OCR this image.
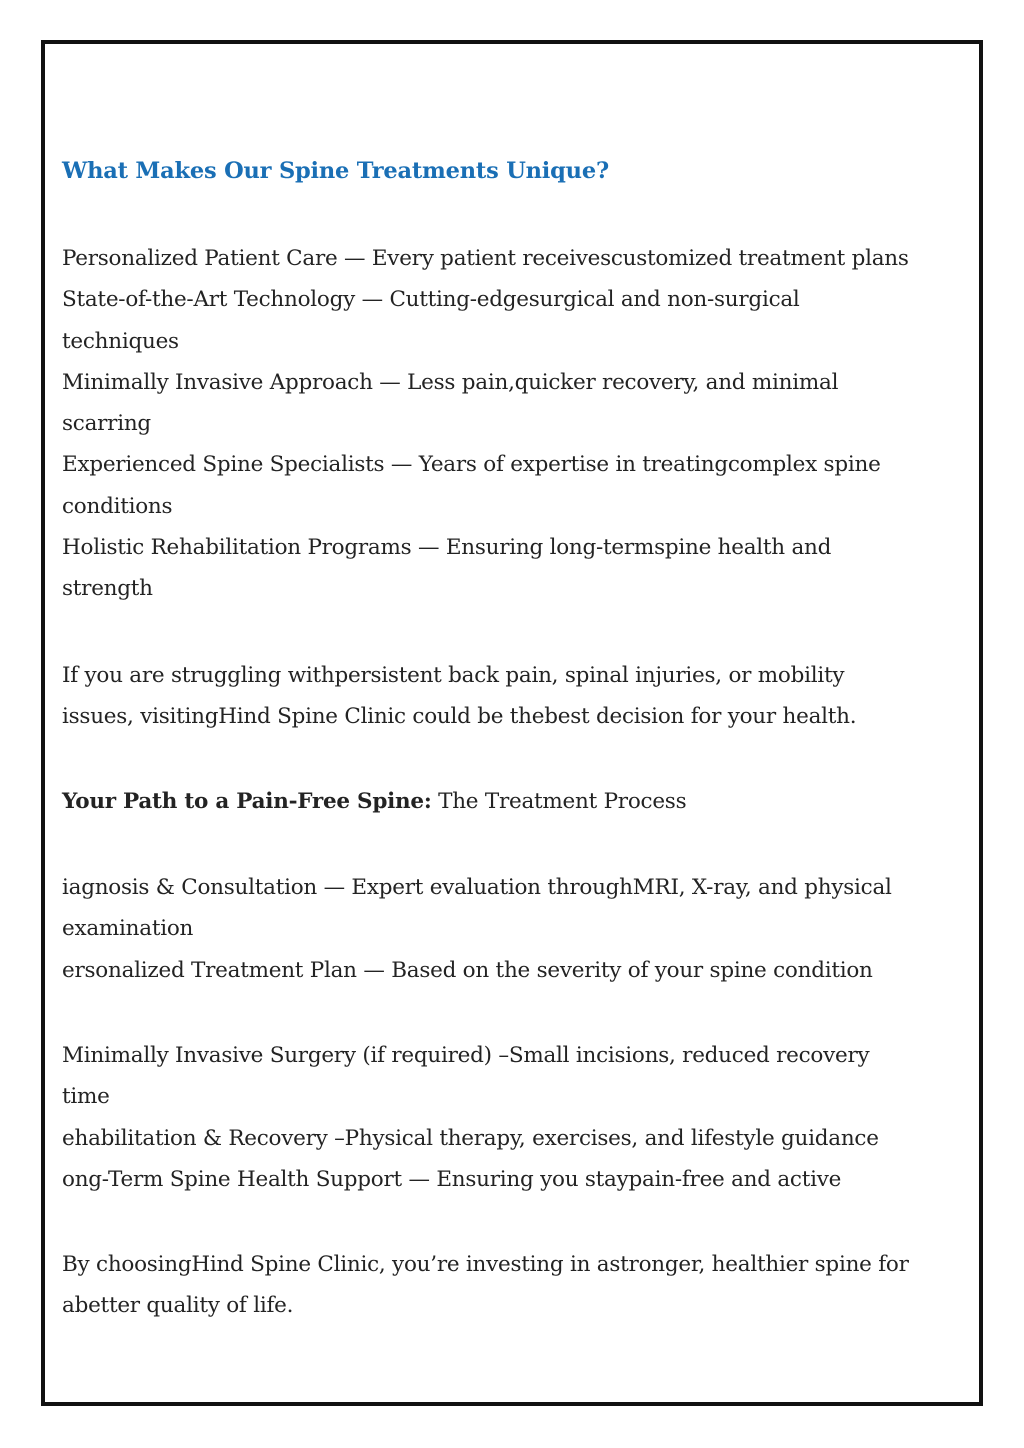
What Makes Our Spine Treatments Unique?

Personalized Patient Care — Every patient receivescustomized treatment plans
State-of-the-Art Technology — Cutting-edgesurgical and non-surgical
techniques
Minimally Invasive Approach — Less pain,quicker recovery, and minimal
scarring
Experienced Spine Specialists — Years of expertise in treatingcomplex spine
conditions
Holistic Rehabilitation Programs — Ensuring long-termspine health and
strength

If you are struggling withpersistent back pain, spinal injuries, or mobility
issues, visitingHind Spine Clinic could be thebest decision for your health.

Your Path to a Pain-Free Spine: The Treatment Process

iagnosis & Consultation — Expert evaluation throughMRI, X-ray, and physical
examination
ersonalized Treatment Plan — Based on the severity of your spine condition

Minimally Invasive Surgery (if required) –Small incisions, reduced recovery
time
ehabilitation & Recovery –Physical therapy, exercises, and lifestyle guidance
ong-Term Spine Health Support — Ensuring you staypain-free and active

By choosingHind Spine Clinic, you’re investing in astronger, healthier spine for
abetter quality of life.
